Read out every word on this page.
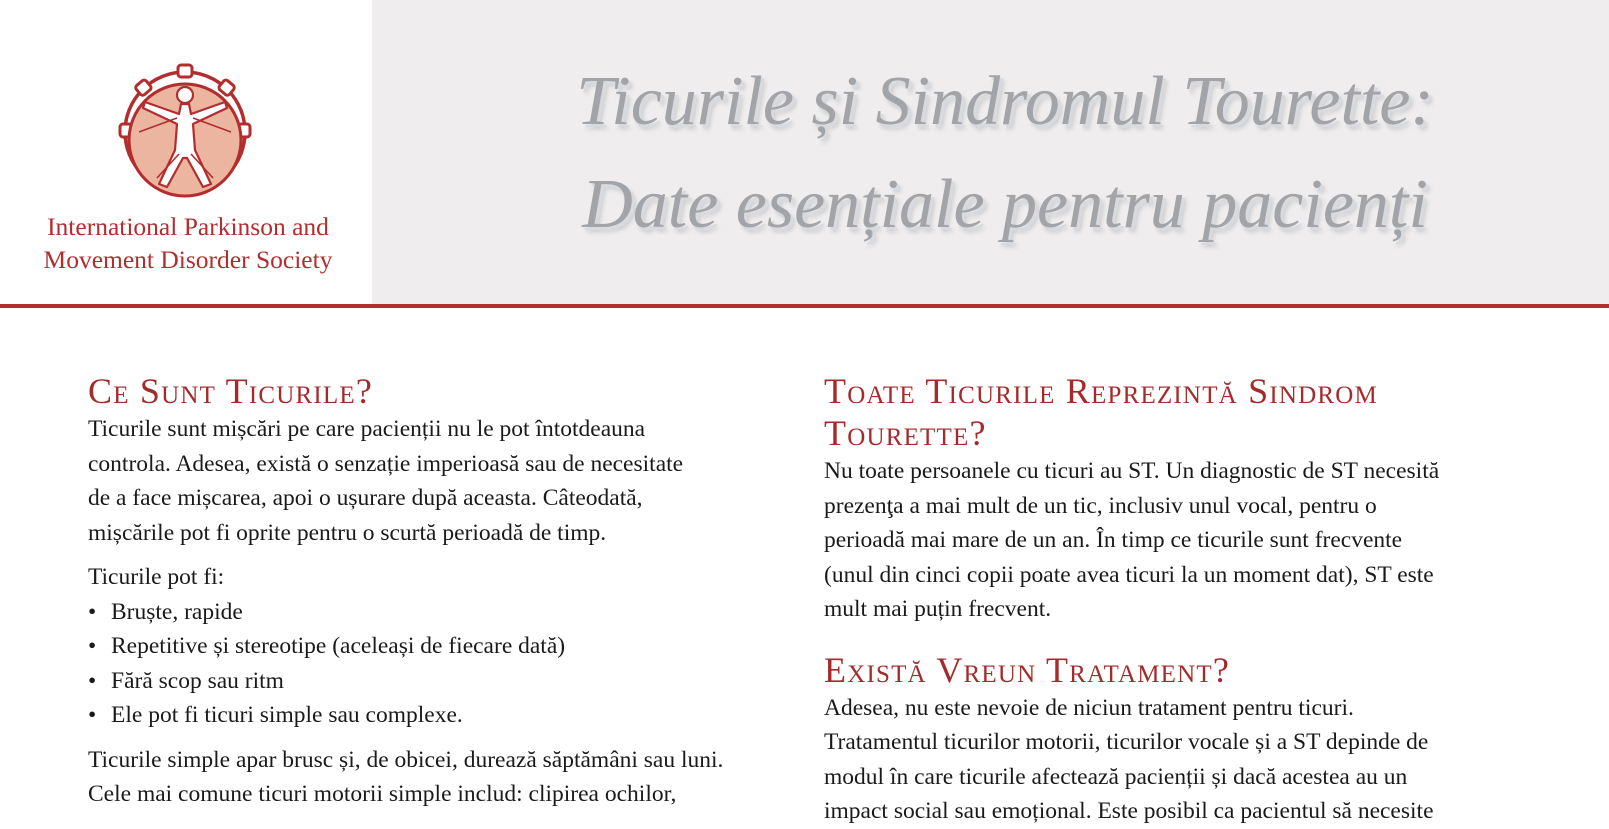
International Parkinson and
Movement Disorder Society
Ticurile și Sindromul Tourette:
Date esențiale pentru pacienți
Ce Sunt Ticurile?

Ticurile sunt mișcări pe care pacienții nu le pot întotdeauna

controla. Adesea, există o senzație imperioasă sau de necesitate

de a face mișcarea, apoi o ușurare după aceasta. Câteodată,

mișcările pot fi oprite pentru o scurtă perioadă de timp.

Ticurile pot fi:

• Bruște, rapide
• Repetitive și stereotipe (aceleași de fiecare dată)
• Fără scop sau ritm
• Ele pot fi ticuri simple sau complexe.

Ticurile simple apar brusc și, de obicei, durează săptămâni sau luni.

Cele mai comune ticuri motorii simple includ: clipirea ochilor,

Toate Ticurile Reprezintă Sindrom
Tourette?

Nu toate persoanele cu ticuri au ST. Un diagnostic de ST necesită

prezenţa a mai mult de un tic, inclusiv unul vocal, pentru o

perioadă mai mare de un an. În timp ce ticurile sunt frecvente

(unul din cinci copii poate avea ticuri la un moment dat), ST este

mult mai puțin frecvent.

Există Vreun Tratament?

Adesea, nu este nevoie de niciun tratament pentru ticuri.

Tratamentul ticurilor motorii, ticurilor vocale și a ST depinde de

modul în care ticurile afectează pacienții și dacă acestea au un

impact social sau emoțional. Este posibil ca pacientul să necesite
